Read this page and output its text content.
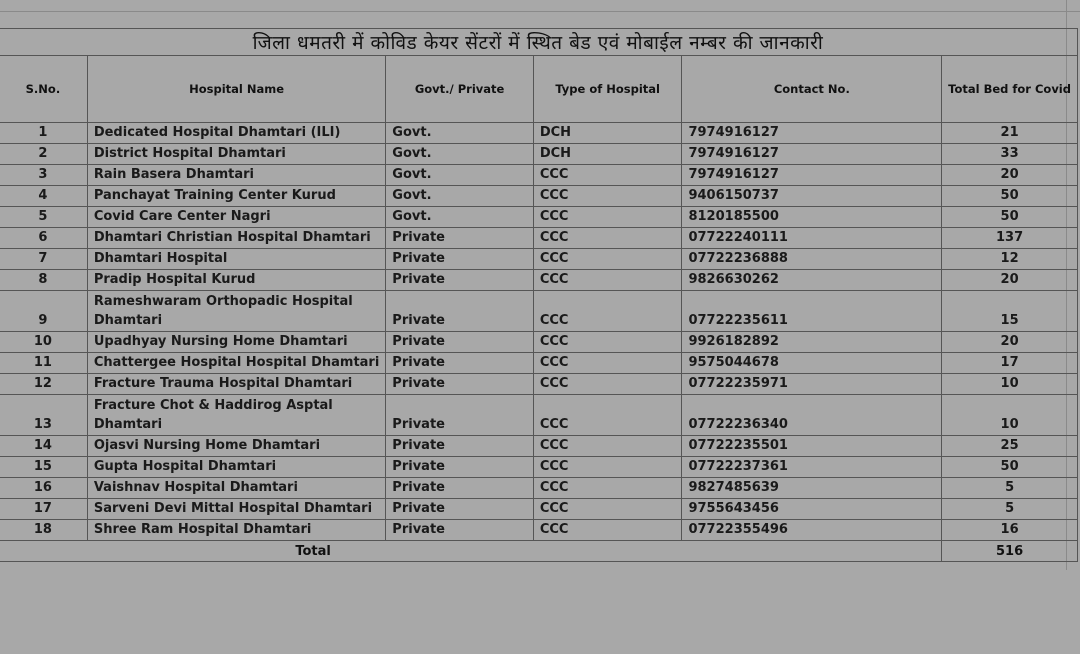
जिला धमतरी में कोविड केयर सेंटरों में स्थित बेड एवं मोबाईल नम्बर की जानकारी					
S.No.	Hospital Name	Govt./ Private	Type of Hospital	Contact No.	Total Bed for Covid
1	Dedicated Hospital Dhamtari (ILI)	Govt.	DCH	7974916127	21
2	District Hospital Dhamtari	Govt.	DCH	7974916127	33
3	Rain Basera Dhamtari	Govt.	CCC	7974916127	20
4	Panchayat Training Center Kurud	Govt.	CCC	9406150737	50
5	Covid Care Center Nagri	Govt.	CCC	8120185500	50
6	Dhamtari Christian Hospital Dhamtari	Private	CCC	07722240111	137
7	Dhamtari Hospital	Private	CCC	07722236888	12
8	Pradip Hospital Kurud	Private	CCC	9826630262	20
9	Rameshwaram Orthopadic Hospital Dhamtari	Private	CCC	07722235611	15
10	Upadhyay Nursing Home Dhamtari	Private	CCC	9926182892	20
11	Chattergee Hospital Hospital Dhamtari	Private	CCC	9575044678	17
12	Fracture Trauma Hospital Dhamtari	Private	CCC	07722235971	10
13	Fracture Chot & Haddirog Asptal Dhamtari	Private	CCC	07722236340	10
14	Ojasvi Nursing Home Dhamtari	Private	CCC	07722235501	25
15	Gupta Hospital Dhamtari	Private	CCC	07722237361	50
16	Vaishnav Hospital Dhamtari	Private	CCC	9827485639	5
17	Sarveni Devi Mittal Hospital Dhamtari	Private	CCC	9755643456	5
18	Shree Ram Hospital Dhamtari	Private	CCC	07722355496	16
Total					516
